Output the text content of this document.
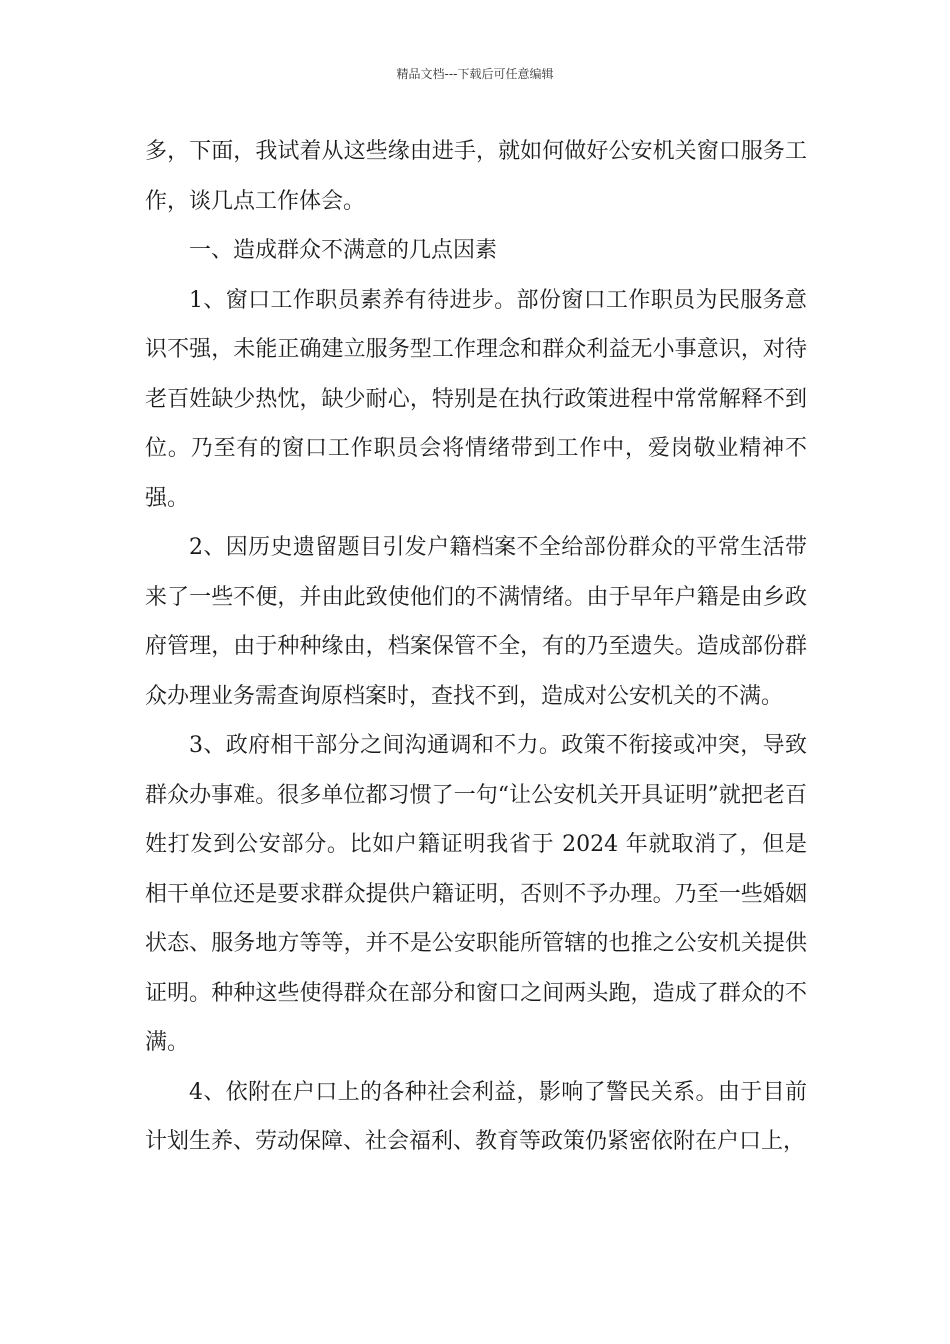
精品文档---下载后可任意编辑

多，下面，我试着从这些缘由进手，就如何做好公安机关窗口服务工作，谈几点工作体会。

一、造成群众不满意的几点因素

1、窗口工作职员素养有待进步。部份窗口工作职员为民服务意识不强，未能正确建立服务型工作理念和群众利益无小事意识，对待老百姓缺少热忱，缺少耐心，特别是在执行政策进程中常常解释不到位。乃至有的窗口工作职员会将情绪带到工作中，爱岗敬业精神不强。

2、因历史遗留题目引发户籍档案不全给部份群众的平常生活带来了一些不便，并由此致使他们的不满情绪。由于早年户籍是由乡政府管理，由于种种缘由，档案保管不全，有的乃至遗失。造成部份群众办理业务需查询原档案时，查找不到，造成对公安机关的不满。

3、政府相干部分之间沟通调和不力。政策不衔接或冲突，导致群众办事难。很多单位都习惯了一句“让公安机关开具证明”就把老百姓打发到公安部分。比如户籍证明我省于 2024 年就取消了，但是相干单位还是要求群众提供户籍证明，否则不予办理。乃至一些婚姻状态、服务地方等等，并不是公安职能所管辖的也推之公安机关提供证明。种种这些使得群众在部分和窗口之间两头跑，造成了群众的不满。

4、依附在户口上的各种社会利益，影响了警民关系。由于目前计划生养、劳动保障、社会福利、教育等政策仍紧密依附在户口上，
